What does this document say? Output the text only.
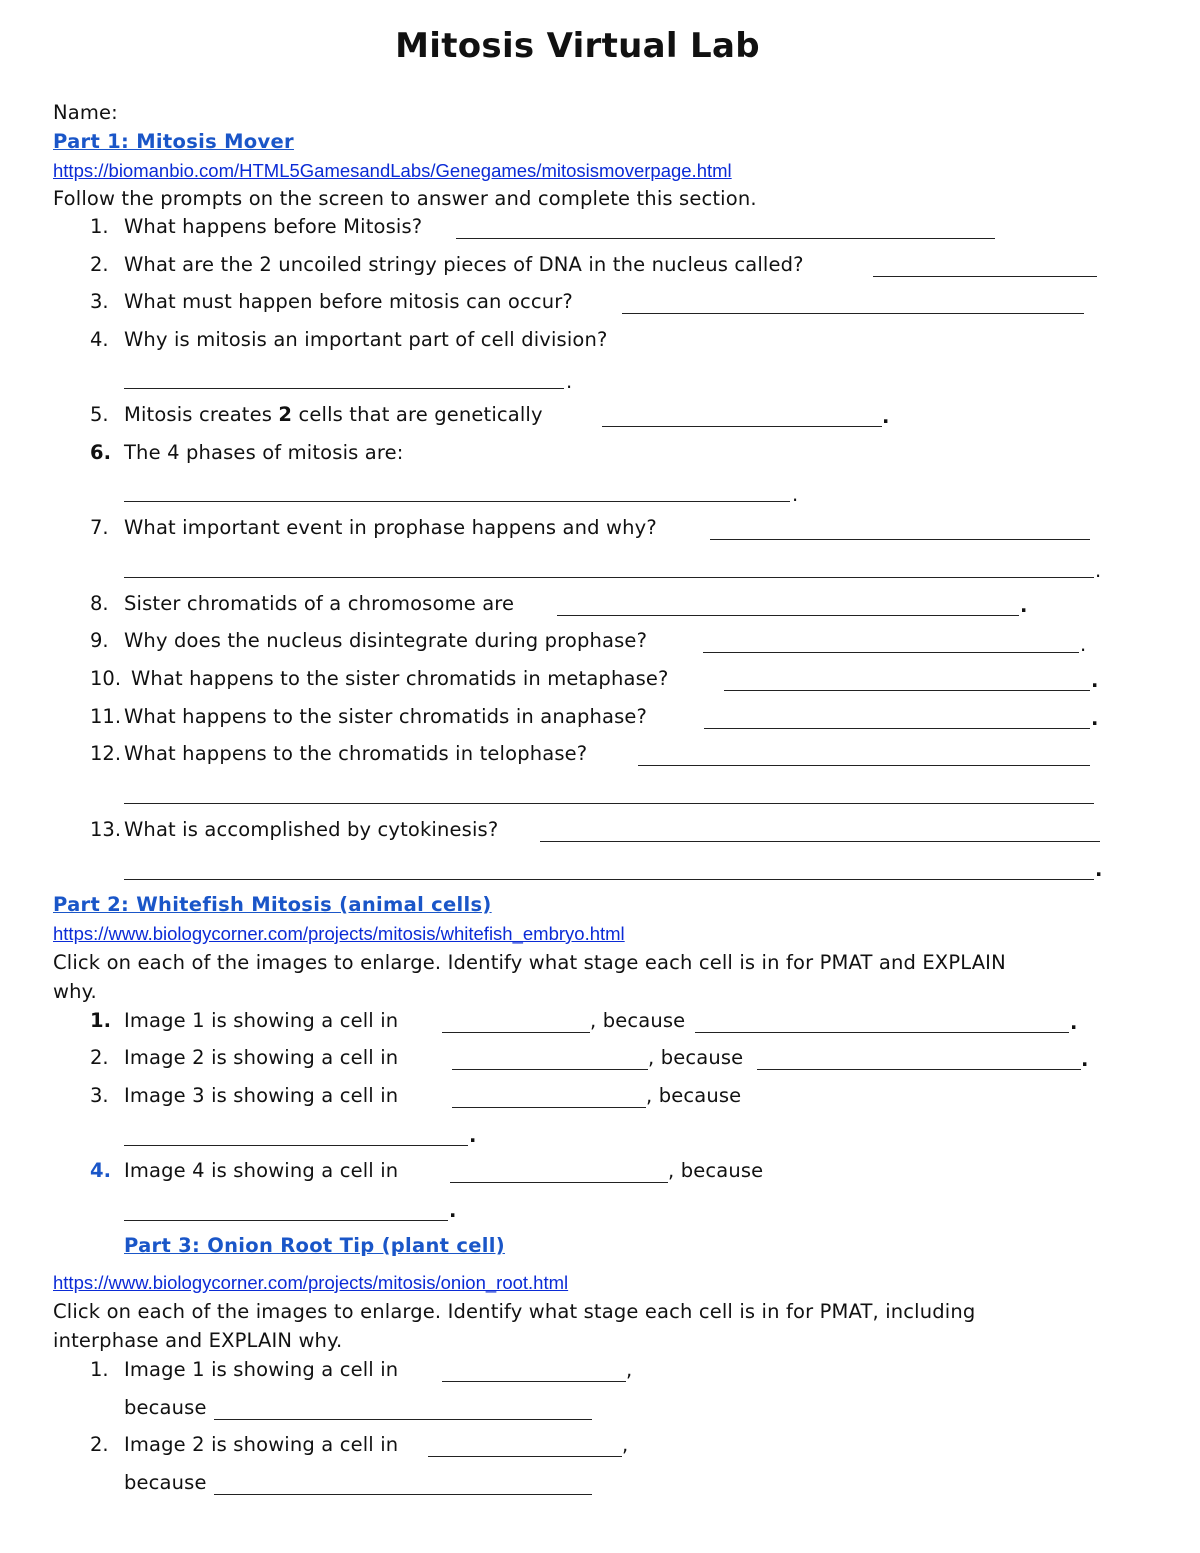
Mitosis Virtual Lab
Name:
Part 1: Mitosis Mover
https://biomanbio.com/HTML5GamesandLabs/Genegames/mitosismoverpage.html
Follow the prompts on the screen to answer and complete this section.
1. What happens before Mitosis?
2. What are the 2 uncoiled stringy pieces of DNA in the nucleus called?
3. What must happen before mitosis can occur?
4. Why is mitosis an important part of cell division?
.
5. Mitosis creates 2 cells that are genetically	.
6. The 4 phases of mitosis are:
.
7. What important event in prophase happens and why?
.
8. Sister chromatids of a chromosome are	.
9. Why does the nucleus disintegrate during prophase?	.
10. What happens to the sister chromatids in metaphase?	.
11. What happens to the sister chromatids in anaphase?	.
12. What happens to the chromatids in telophase?
13. What is accomplished by cytokinesis?
.
Part 2: Whitefish Mitosis (animal cells)
https://www.biologycorner.com/projects/mitosis/whitefish_embryo.html
Click on each of the images to enlarge. Identify what stage each cell is in for PMAT and EXPLAIN
why.
1. Image 1 is showing a cell in	, because	.
2. Image 2 is showing a cell in	, because	.
3. Image 3 is showing a cell in	, because
.
4. Image 4 is showing a cell in	, because
.
Part 3: Onion Root Tip (plant cell)
https://www.biologycorner.com/projects/mitosis/onion_root.html
Click on each of the images to enlarge. Identify what stage each cell is in for PMAT, including
interphase and EXPLAIN why.
1. Image 1 is showing a cell in	,
because
2. Image 2 is showing a cell in	,
because
